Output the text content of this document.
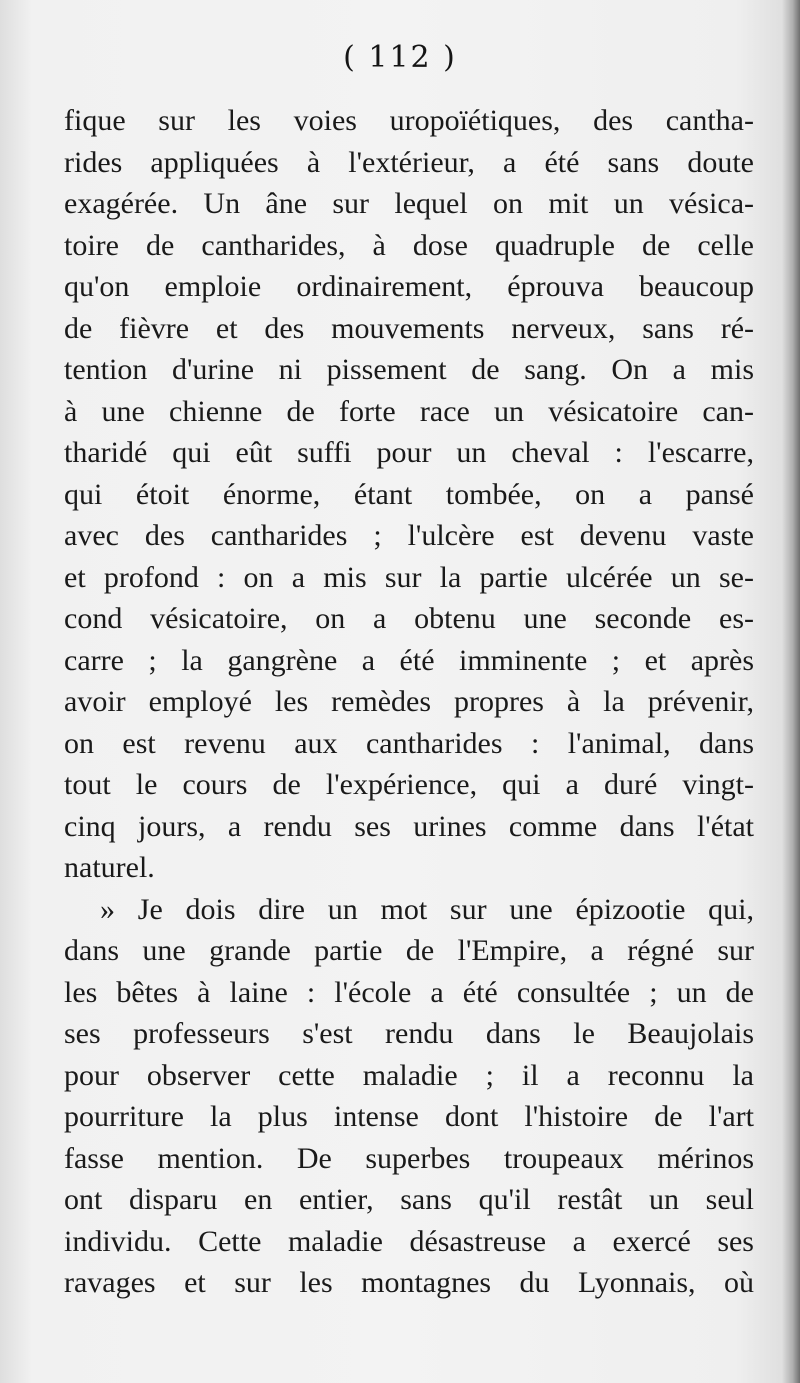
( 112 )
fique sur les voies uropoïétiques, des cantha-
rides appliquées à l'extérieur, a été sans doute
exagérée. Un âne sur lequel on mit un vésica-
toire de cantharides, à dose quadruple de celle
qu'on emploie ordinairement, éprouva beaucoup
de fièvre et des mouvements nerveux, sans ré-
tention d'urine ni pissement de sang. On a mis
à une chienne de forte race un vésicatoire can-
tharidé qui eût suffi pour un cheval : l'escarre,
qui étoit énorme, étant tombée, on a pansé
avec des cantharides ; l'ulcère est devenu vaste
et profond : on a mis sur la partie ulcérée un se-
cond vésicatoire, on a obtenu une seconde es-
carre ; la gangrène a été imminente ; et après
avoir employé les remèdes propres à la prévenir,
on est revenu aux cantharides : l'animal, dans
tout le cours de l'expérience, qui a duré vingt-
cinq jours, a rendu ses urines comme dans l'état
naturel.
» Je dois dire un mot sur une épizootie qui,
dans une grande partie de l'Empire, a régné sur
les bêtes à laine : l'école a été consultée ; un de
ses professeurs s'est rendu dans le Beaujolais
pour observer cette maladie ; il a reconnu la
pourriture la plus intense dont l'histoire de l'art
fasse mention. De superbes troupeaux mérinos
ont disparu en entier, sans qu'il restât un seul
individu. Cette maladie désastreuse a exercé ses
ravages et sur les montagnes du Lyonnais, où
